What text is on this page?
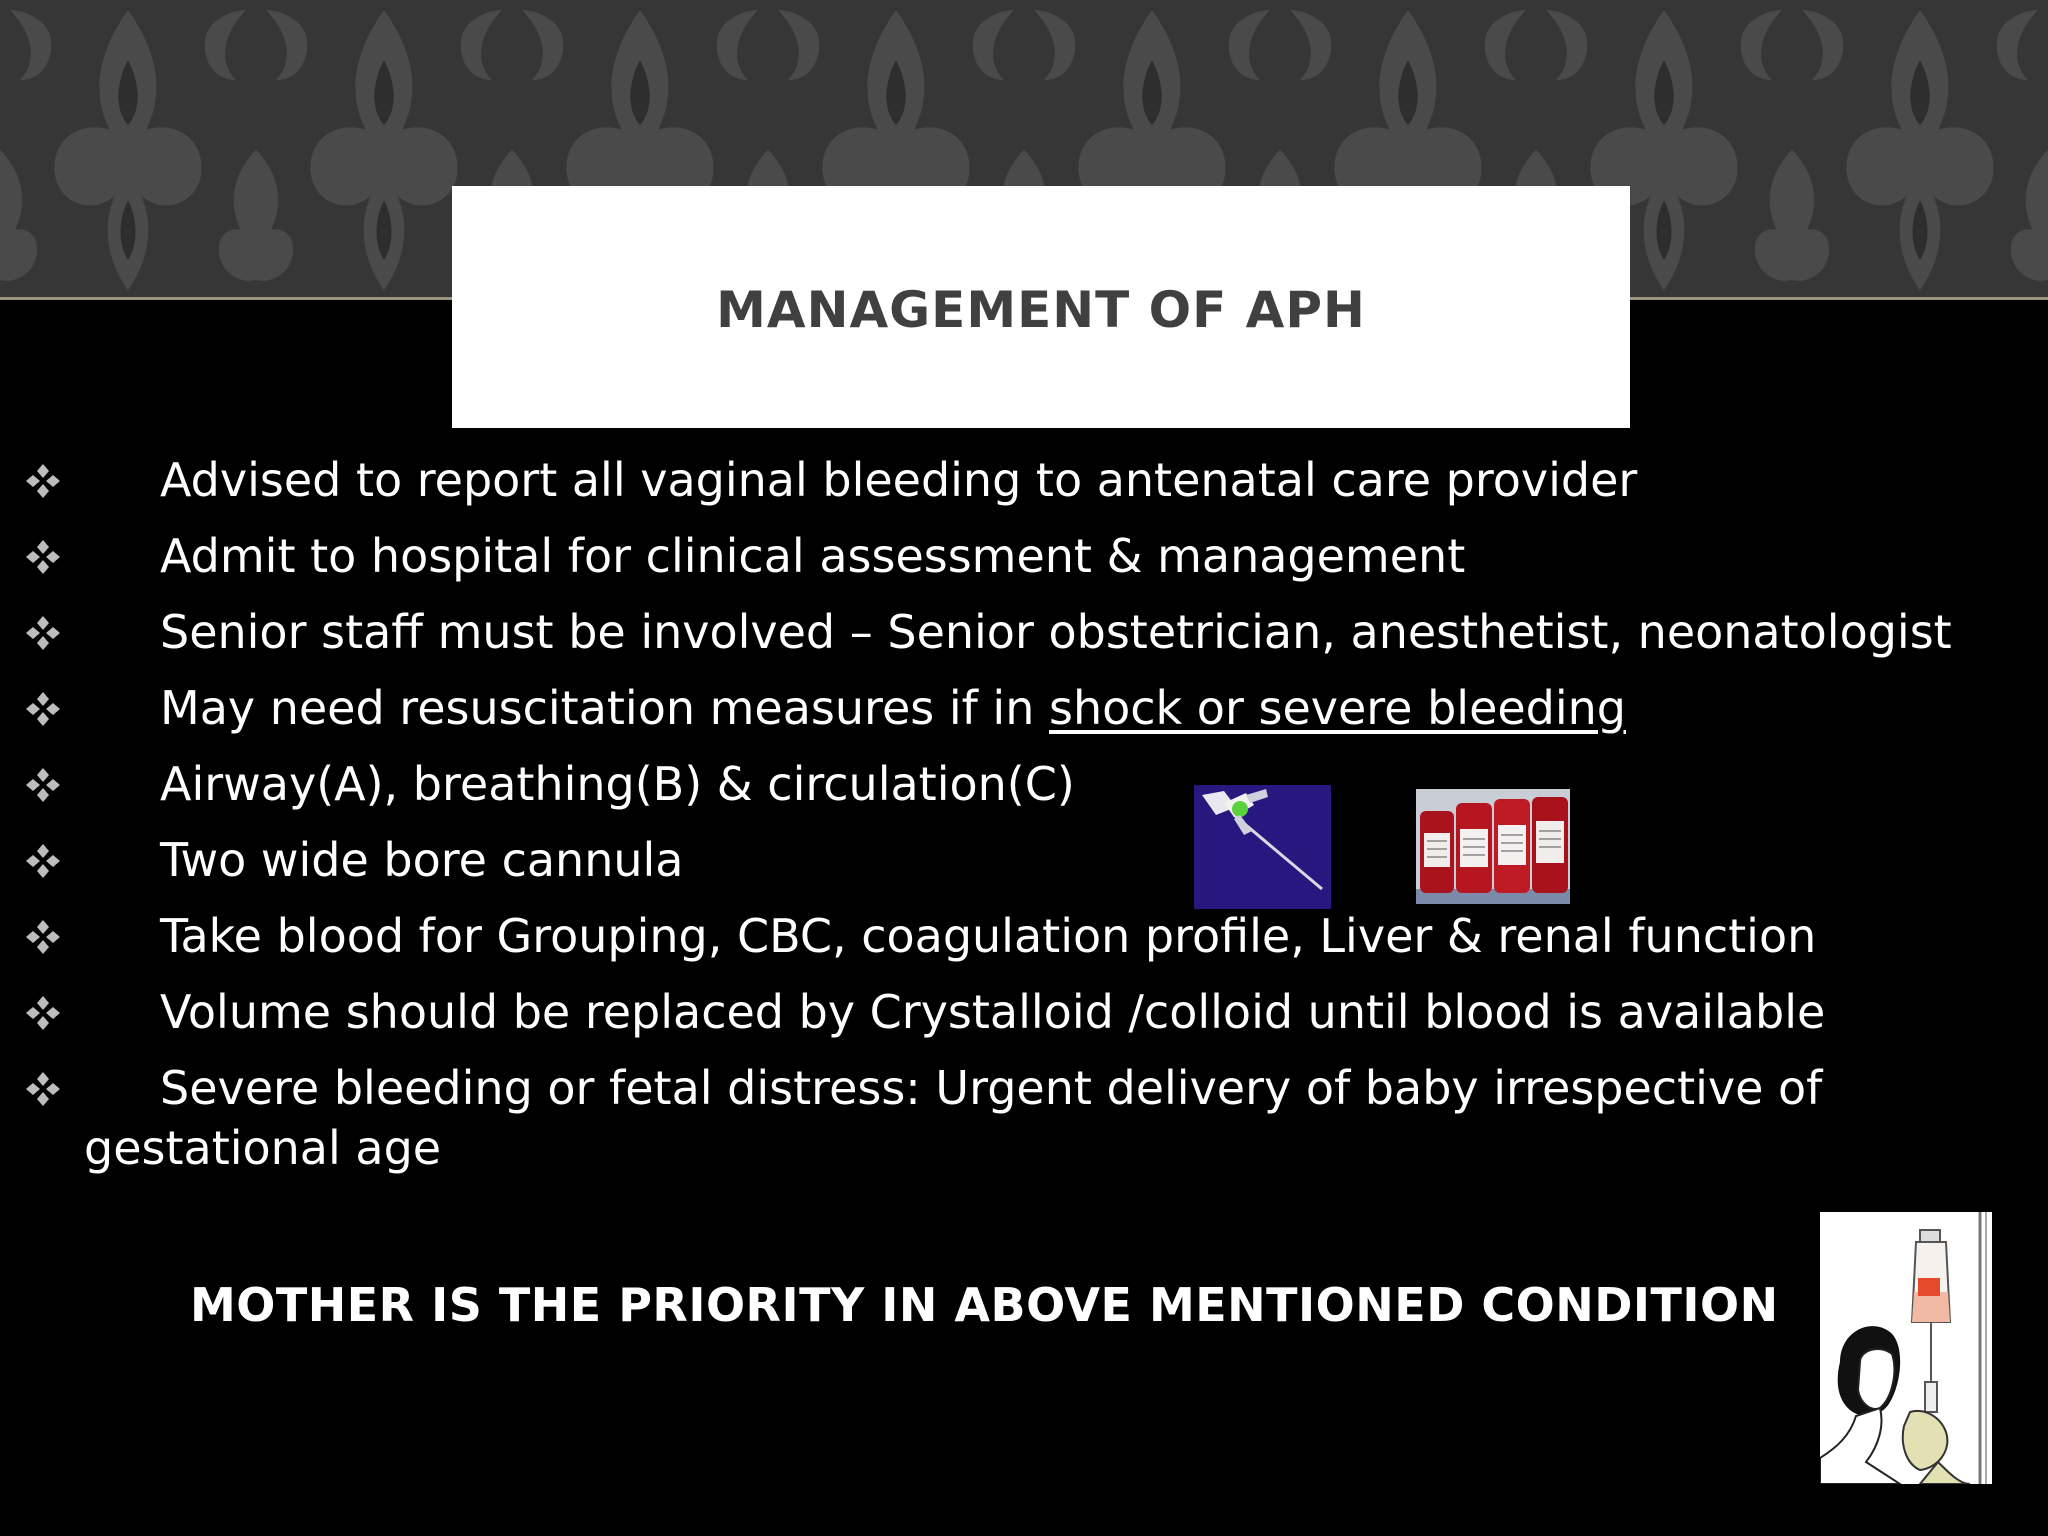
MANAGEMENT OF APH
Advised to report all vaginal bleeding to antenatal care provider
Admit to hospital for clinical assessment & management
Senior staff must be involved – Senior obstetrician, anesthetist, neonatologist
May need resuscitation measures if in shock or severe bleeding
Airway(A), breathing(B) & circulation(C)
Two wide bore cannula
Take blood for Grouping, CBC, coagulation profile, Liver & renal function
Volume should be replaced by Crystalloid /colloid until blood is available
Severe bleeding or fetal distress: Urgent delivery of baby irrespective of
gestational age
MOTHER IS THE PRIORITY IN ABOVE MENTIONED CONDITION
